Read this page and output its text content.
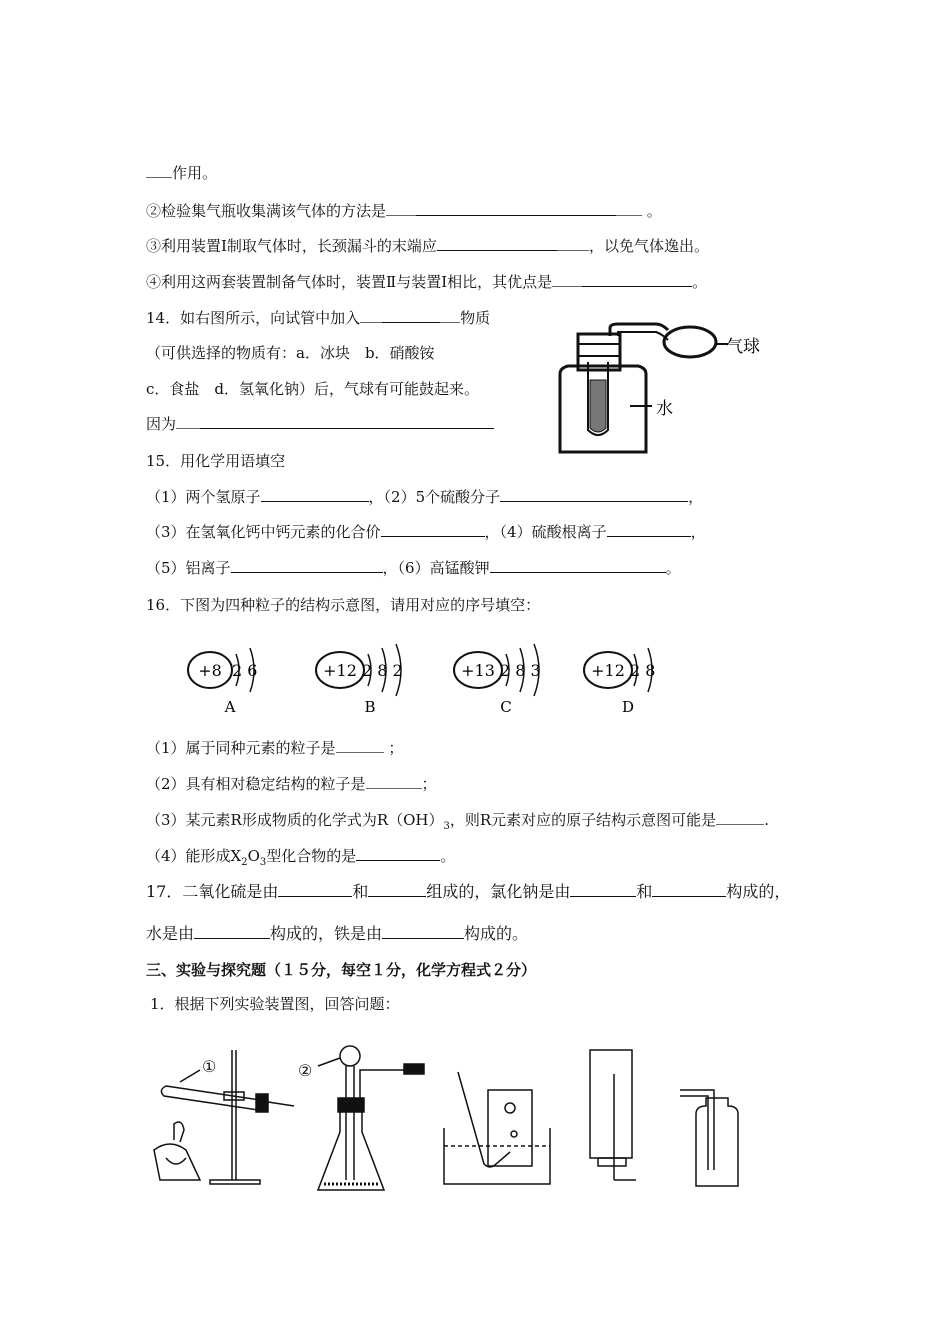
作用。
②检验集气瓶收集满该气体的方法是	。
③利用装置I制取气体时，长颈漏斗的末端应	，以免气体逸出。
④利用这两套装置制备气体时，装置Ⅱ与装置I相比，其优点是	。
14．如右图所示，向试管中加入	物质
（可供选择的物质有：a．冰块　b．硝酸铵
c．食盐　d．氢氧化钠）后，气球有可能鼓起来。
因为
气球
水
15．用化学用语填空
（1）两个氢原子	，（2）5个硫酸分子	，
（3）在氢氧化钙中钙元素的化合价	，（4）硫酸根离子	，
（5）铝离子	，（6）高锰酸钾	。
16．下图为四种粒子的结构示意图，请用对应的序号填空：
+8 2 6
A
+12 2 8 2
B
+13 2 8 3
C
+12 2 8
D
（1）属于同种元素的粒子是	；
（2）具有相对稳定结构的粒子是	；
（3）某元素R形成物质的化学式为$R(OH)_3$，则R元素对应的原子结构示意图可能是	.
（4）能形成$X_2O_3$型化合物的是	。
17．二氧化硫是由	和	组成的，氯化钠是由	和	构成的，
水是由	构成的，铁是由	构成的。
三、实验与探究题（１５分，每空１分，化学方程式２分）
1．根据下列实验装置图，回答问题：
①	②
